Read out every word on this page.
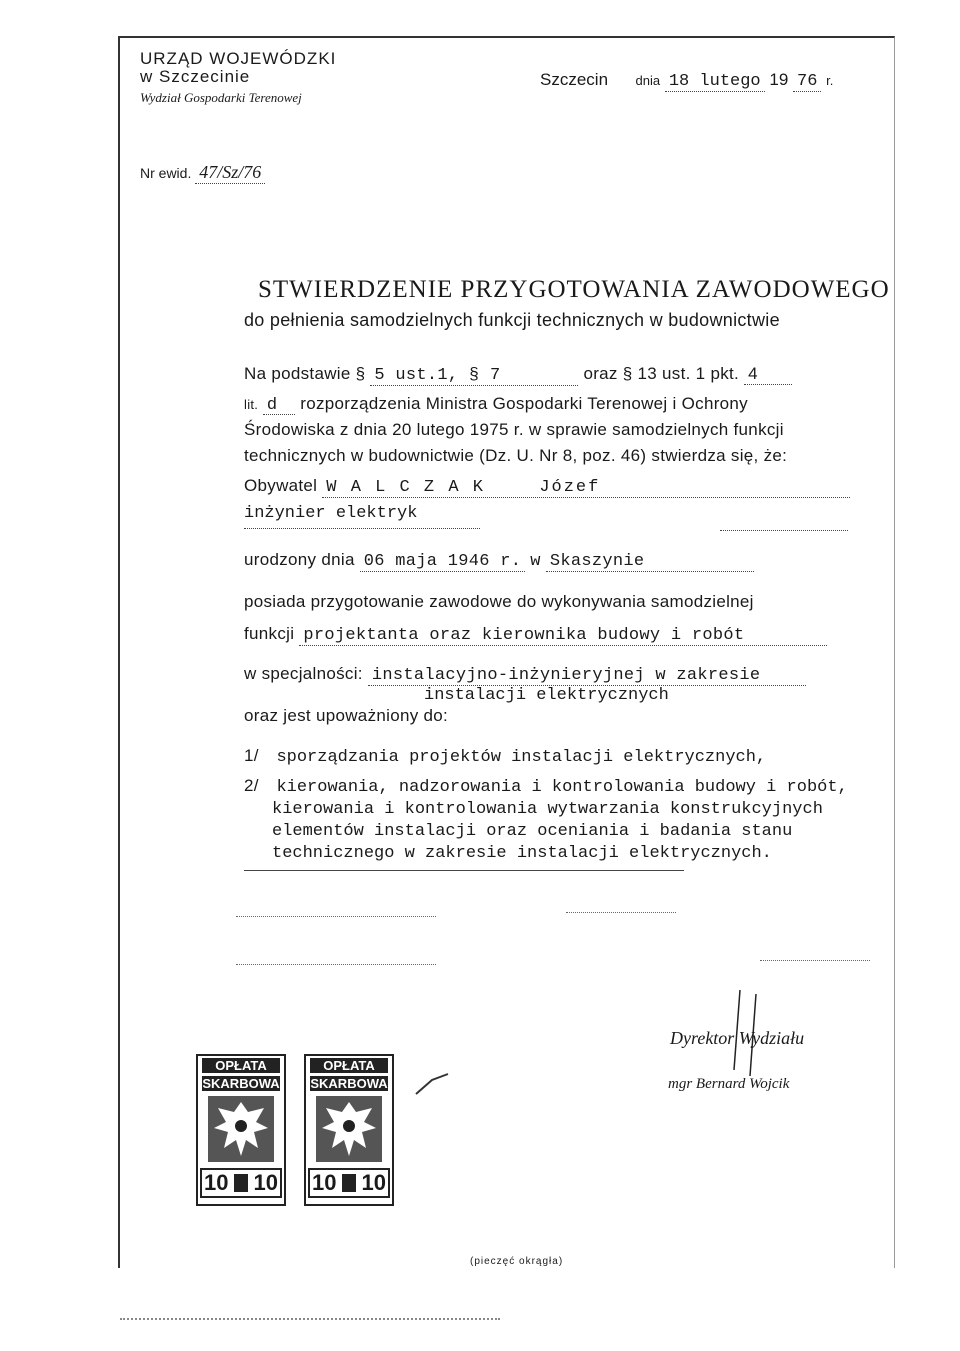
URZĄD WOJEWÓDZKI
w Szczecinie
Wydział Gospodarki Terenowej
Szczecin dnia 18 lutego 19 76 r.
Nr ewid. 47/Sz/76
STWIERDZENIE PRZYGOTOWANIA ZAWODOWEGO
do pełnienia samodzielnych funkcji technicznych w budownictwie
Na podstawie § 5 ust.1, § 7	oraz § 13 ust. 1 pkt. 4
lit. d rozporządzenia Ministra Gospodarki Terenowej i Ochrony
Środowiska z dnia 20 lutego 1975 r. w sprawie samodzielnych funkcji
technicznych w budownictwie (Dz. U. Nr 8, poz. 46) stwierdza się, że:
Obywatel W A L C Z A K	Józef
inżynier elektryk
urodzony dnia 06 maja 1946 r. w Skaszynie
posiada przygotowanie zawodowe do wykonywania samodzielnej
funkcji projektanta oraz kierownika budowy i robót
w specjalności: instalacyjno-inżynieryjnej w zakresie
instalacji elektrycznych
oraz jest upoważniony do:
1/ sporządzania projektów instalacji elektrycznych,
2/ kierowania, nadzorowania i kontrolowania budowy i robót,
kierowania i kontrolowania wytwarzania konstrukcyjnych
elementów instalacji oraz oceniania i badania stanu
technicznego w zakresie instalacji elektrycznych.
OPŁATA
SKARBOWA
10 10
OPŁATA
SKARBOWA
10 10
Dyrektor Wydziału
mgr Bernard Wojcik
(pieczęć okrągła)
